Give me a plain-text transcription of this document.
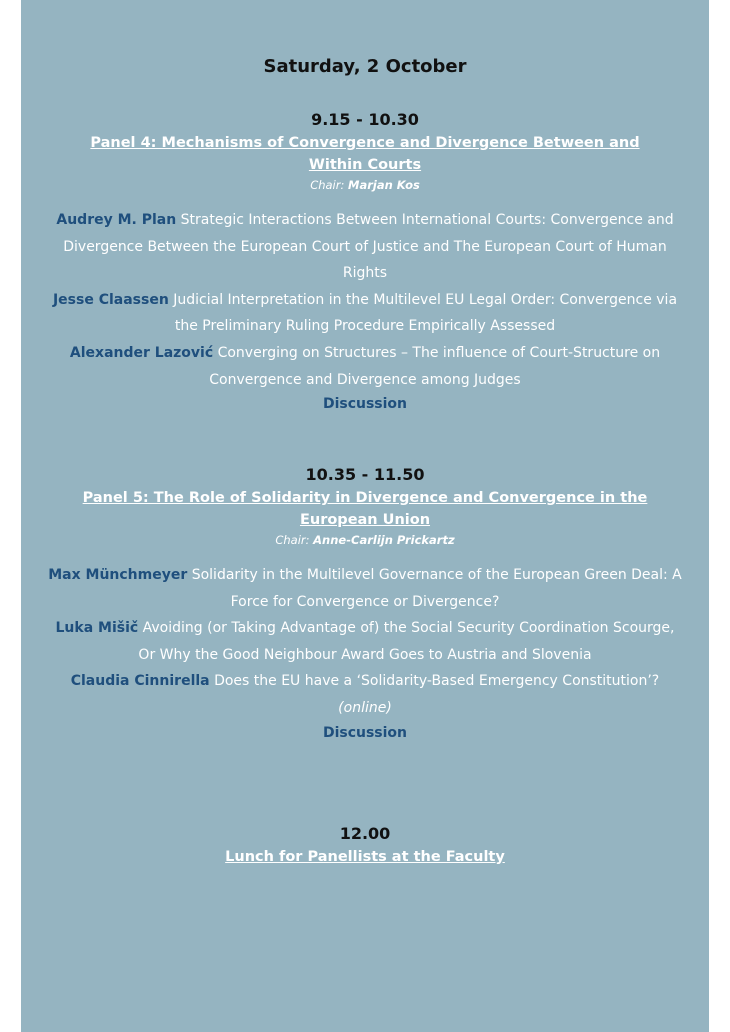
Saturday, 2 October
9.15 - 10.30
Panel 4: Mechanisms of Convergence and Divergence Between and Within Courts
Chair: Marjan Kos
Audrey M. Plan Strategic Interactions Between International Courts: Convergence and Divergence Between the European Court of Justice and The European Court of Human Rights
Jesse Claassen Judicial Interpretation in the Multilevel EU Legal Order: Convergence via the Preliminary Ruling Procedure Empirically Assessed
Alexander Lazović Converging on Structures – The influence of Court-Structure on Convergence and Divergence among Judges
Discussion
10.35 - 11.50
Panel 5: The Role of Solidarity in Divergence and Convergence in the European Union
Chair: Anne-Carlijn Prickartz
Max Münchmeyer Solidarity in the Multilevel Governance of the European Green Deal: A Force for Convergence or Divergence?
Luka Mišič Avoiding (or Taking Advantage of) the Social Security Coordination Scourge, Or Why the Good Neighbour Award Goes to Austria and Slovenia
Claudia Cinnirella Does the EU have a ‘Solidarity-Based Emergency Constitution’? (online)
Discussion
12.00
Lunch for Panellists at the Faculty
